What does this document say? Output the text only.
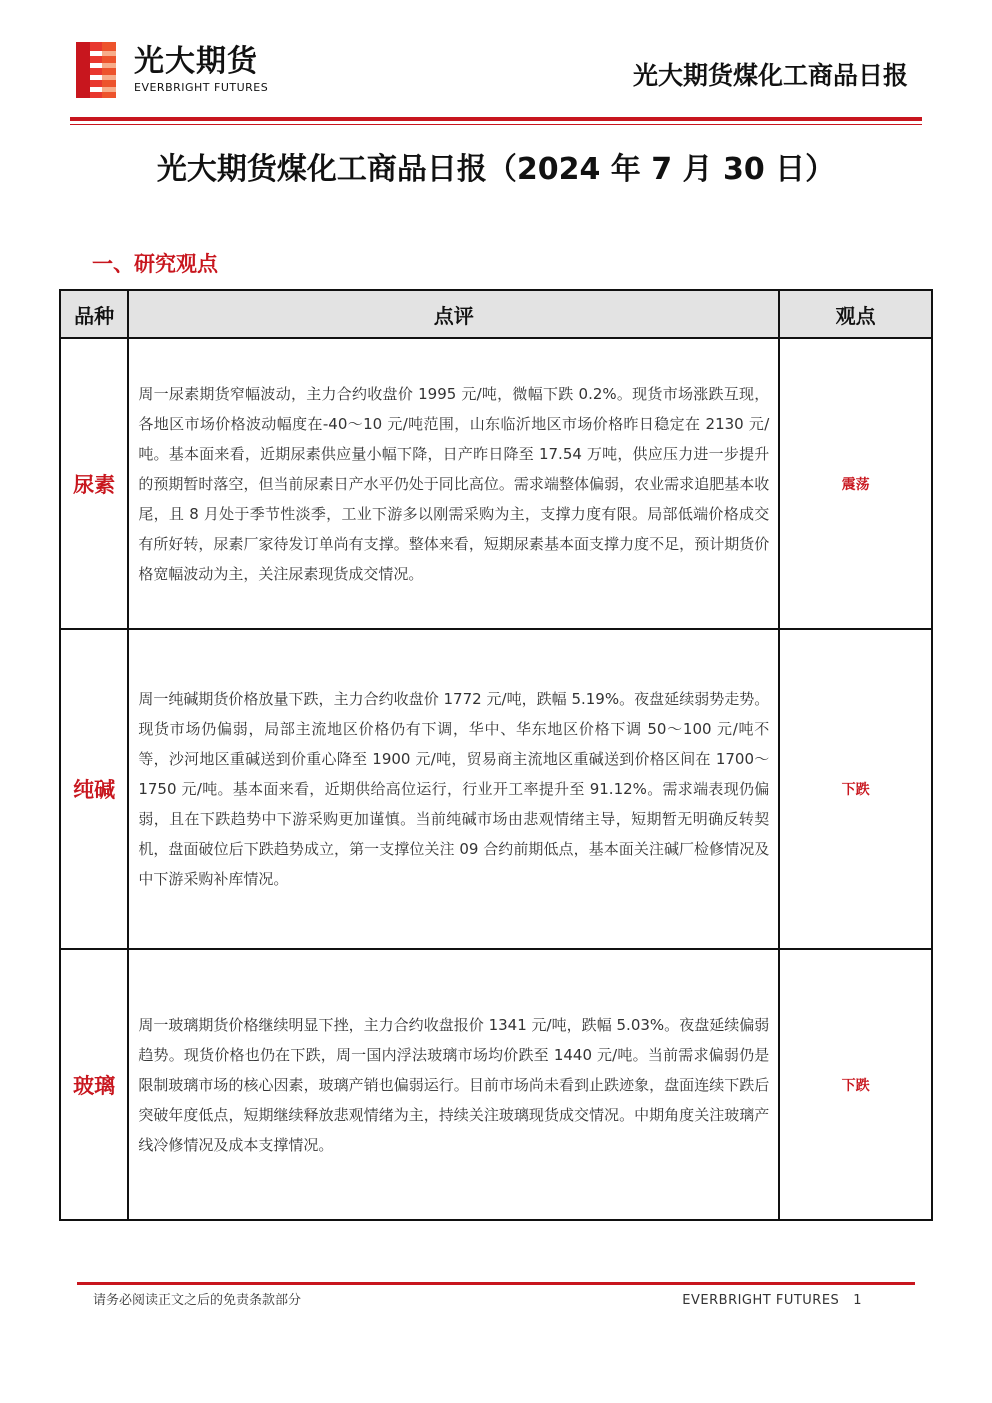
光大期货
EVERBRIGHT FUTURES	光大期货煤化工商品日报
光大期货煤化工商品日报（2024 年 7 月 30 日）
一、研究观点
品种	点评	观点
尿素	周一尿素期货窄幅波动，主力合约收盘价 1995 元/吨，微幅下跌 0.2%。现货市场涨跌互现，各地区市场价格波动幅度在-40～10 元/吨范围，山东临沂地区市场价格昨日稳定在 2130 元/吨。基本面来看，近期尿素供应量小幅下降，日产昨日降至 17.54 万吨，供应压力进一步提升的预期暂时落空，但当前尿素日产水平仍处于同比高位。需求端整体偏弱，农业需求追肥基本收尾，且 8 月处于季节性淡季，工业下游多以刚需采购为主，支撑力度有限。局部低端价格成交有所好转，尿素厂家待发订单尚有支撑。整体来看，短期尿素基本面支撑力度不足，预计期货价格宽幅波动为主，关注尿素现货成交情况。	震荡
纯碱	周一纯碱期货价格放量下跌，主力合约收盘价 1772 元/吨，跌幅 5.19%。夜盘延续弱势走势。现货市场仍偏弱，局部主流地区价格仍有下调，华中、华东地区价格下调 50～100 元/吨不等，沙河地区重碱送到价重心降至 1900 元/吨，贸易商主流地区重碱送到价格区间在 1700～1750 元/吨。基本面来看，近期供给高位运行，行业开工率提升至 91.12%。需求端表现仍偏弱，且在下跌趋势中下游采购更加谨慎。当前纯碱市场由悲观情绪主导，短期暂无明确反转契机，盘面破位后下跌趋势成立，第一支撑位关注 09 合约前期低点，基本面关注碱厂检修情况及中下游采购补库情况。	下跌
玻璃	周一玻璃期货价格继续明显下挫，主力合约收盘报价 1341 元/吨，跌幅 5.03%。夜盘延续偏弱趋势。现货价格也仍在下跌，周一国内浮法玻璃市场均价跌至 1440 元/吨。当前需求偏弱仍是限制玻璃市场的核心因素，玻璃产销也偏弱运行。目前市场尚未看到止跌迹象，盘面连续下跌后突破年度低点，短期继续释放悲观情绪为主，持续关注玻璃现货成交情况。中期角度关注玻璃产线冷修情况及成本支撑情况。	下跌
请务必阅读正文之后的免责条款部分	EVERBRIGHT FUTURES 1
